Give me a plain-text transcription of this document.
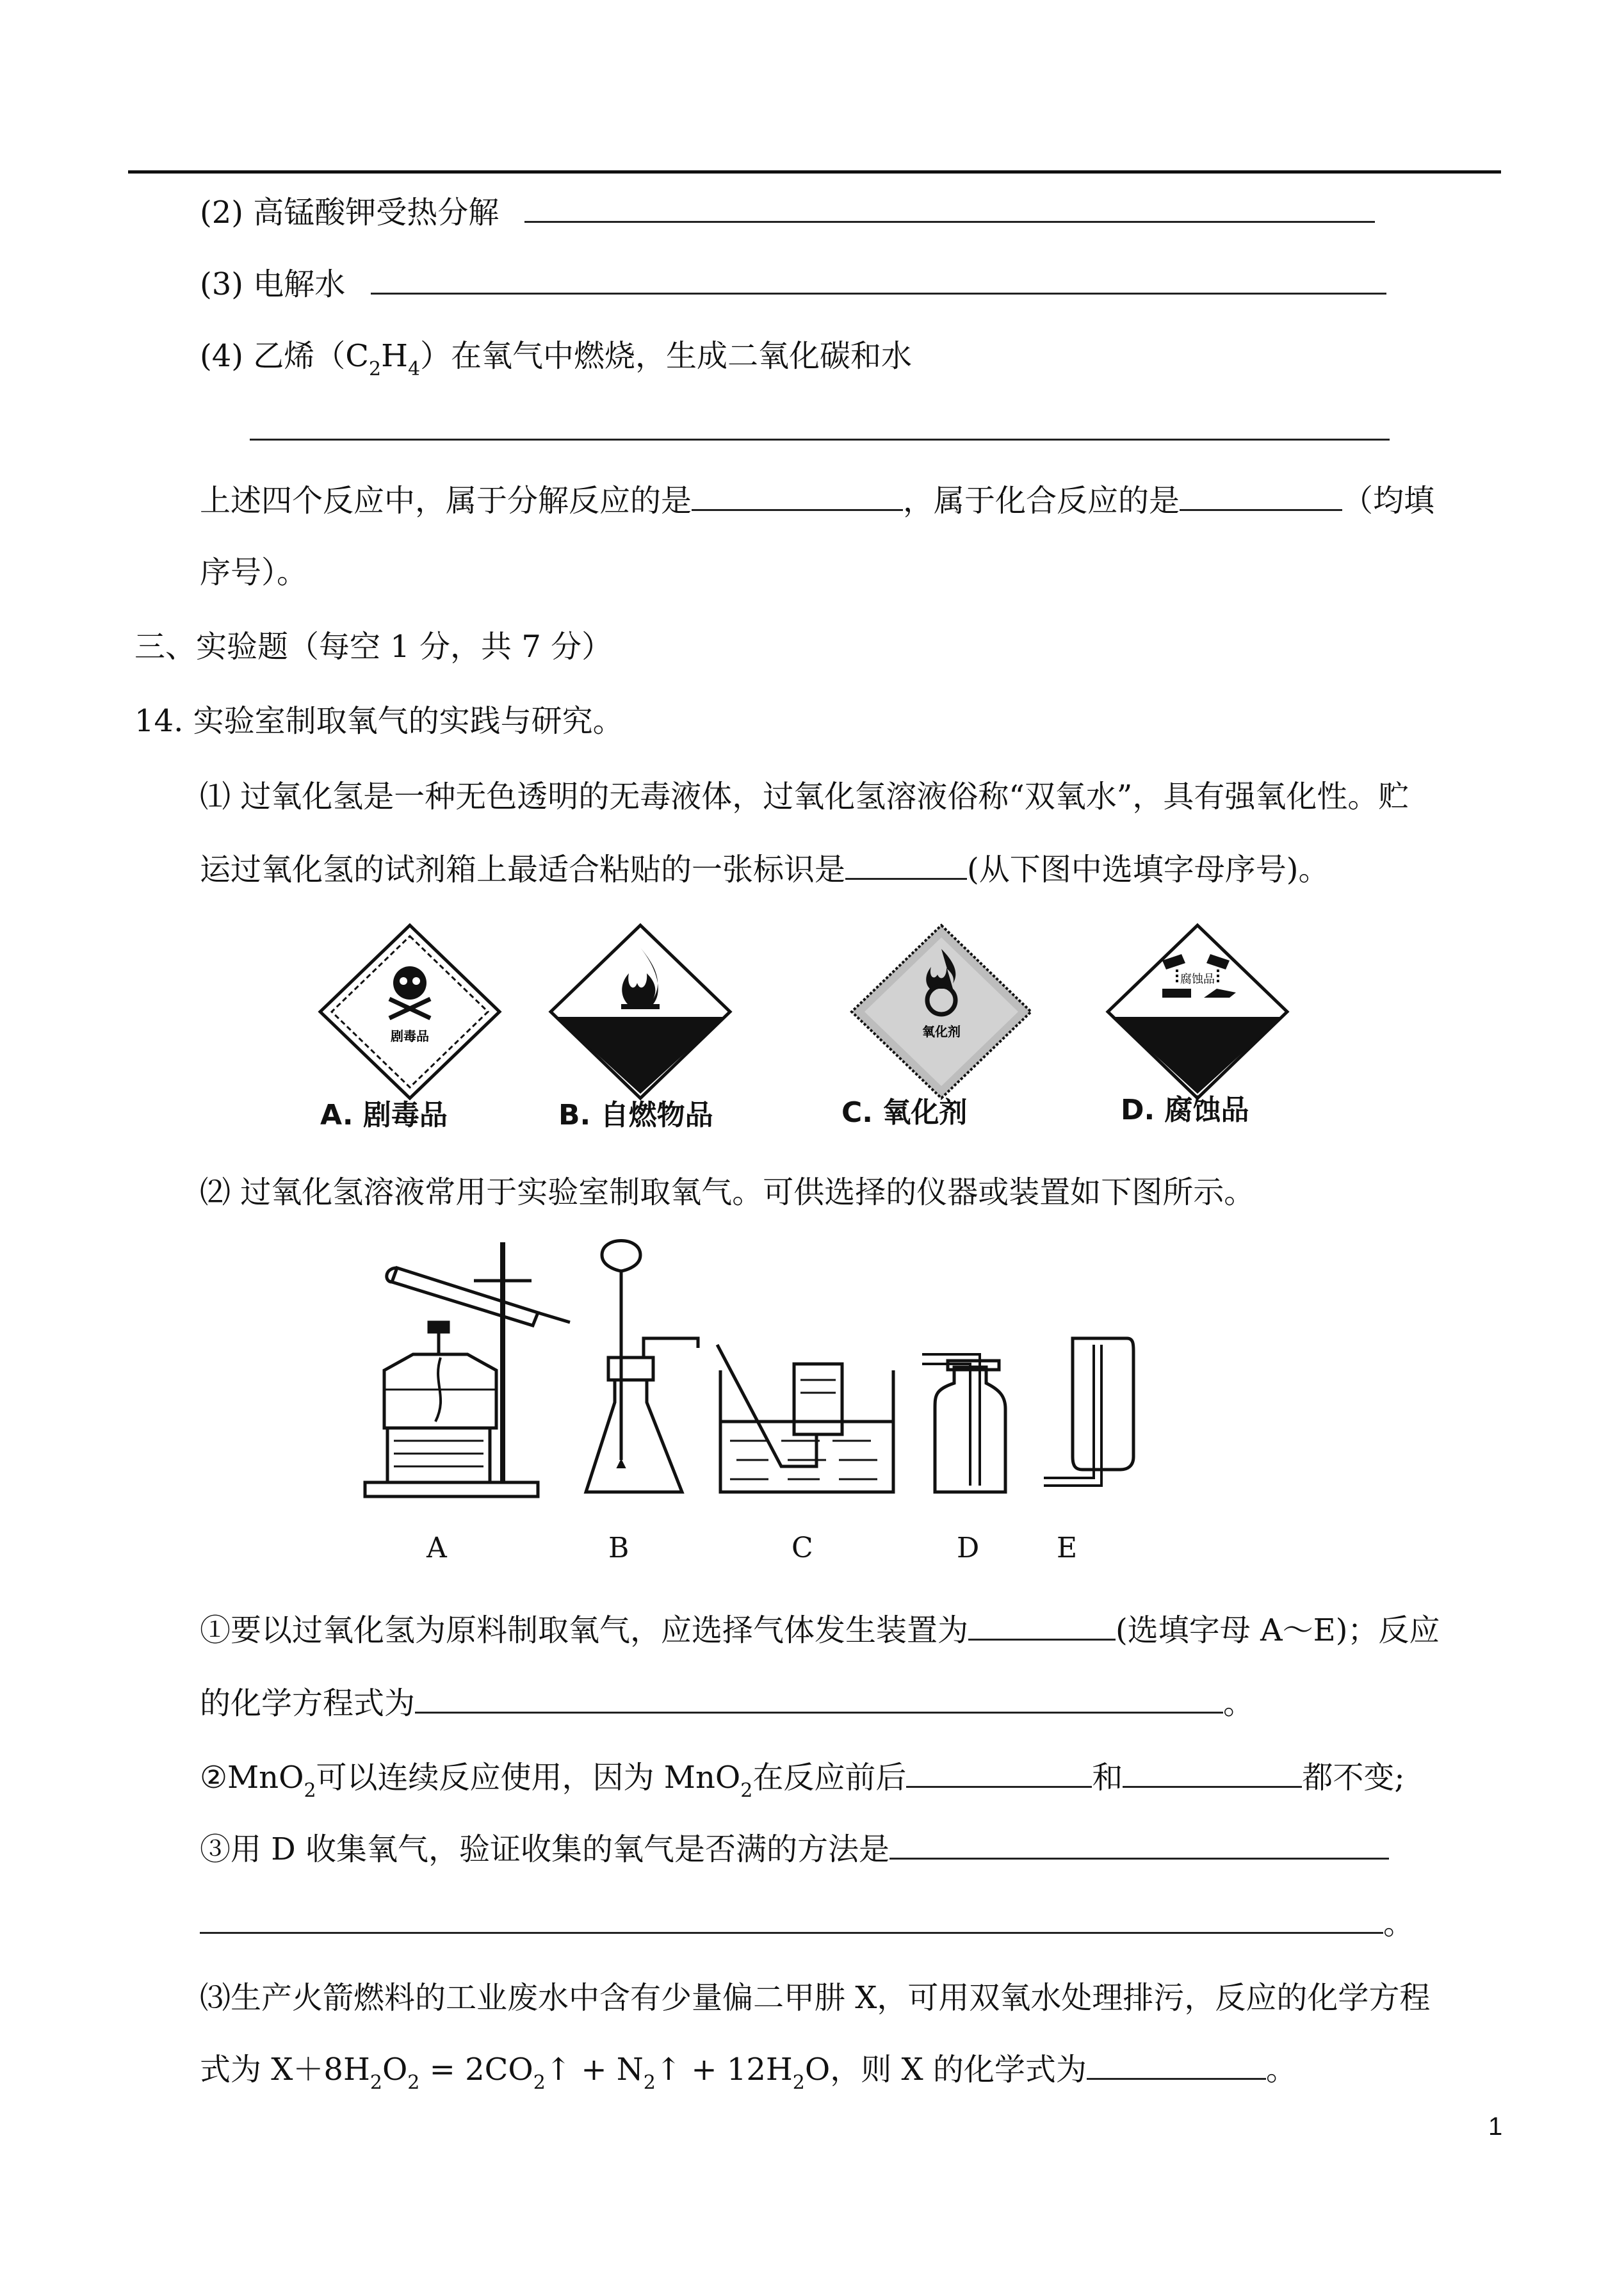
(2) 高锰酸钾受热分解
(3) 电解水
(4) 乙烯$(C_2H_4)$在氧气中燃烧，生成二氧化碳和水
上述四个反应中，属于分解反应的是	，属于化合反应的是	（均填
序号）。
三、实验题（每空 1 分，共 7 分）
14. 实验室制取氧气的实践与研究。
⑴ 过氧化氢是一种无色透明的无毒液体，过氧化氢溶液俗称“双氧水”，具有强氧化性。贮
运过氧化氢的试剂箱上最适合粘贴的一张标识是	(从下图中选填字母序号)。
剧毒品	氧化剂
腐蚀品
A. 剧毒品	B. 自燃物品	C. 氧化剂	D. 腐蚀品
⑵ 过氧化氢溶液常用于实验室制取氧气。可供选择的仪器或装置如下图所示。
A	B	C	D	E
①要以过氧化氢为原料制取氧气，应选择气体发生装置为	(选填字母 A～E)；反应
的化学方程式为	。
②MnO$_2$可以连续反应使用，因为 MnO$_2$在反应前后	和	都不变;
③用 D 收集氧气，验证收集的氧气是否满的方法是
。
⑶生产火箭燃料的工业废水中含有少量偏二甲肼 X，可用双氧水处理排污，反应的化学方程
式为 $X+8H_2O_2$ = $2CO_2↑$ + $N_2↑ + 12H_2O$，则 X 的化学式为	。
1
